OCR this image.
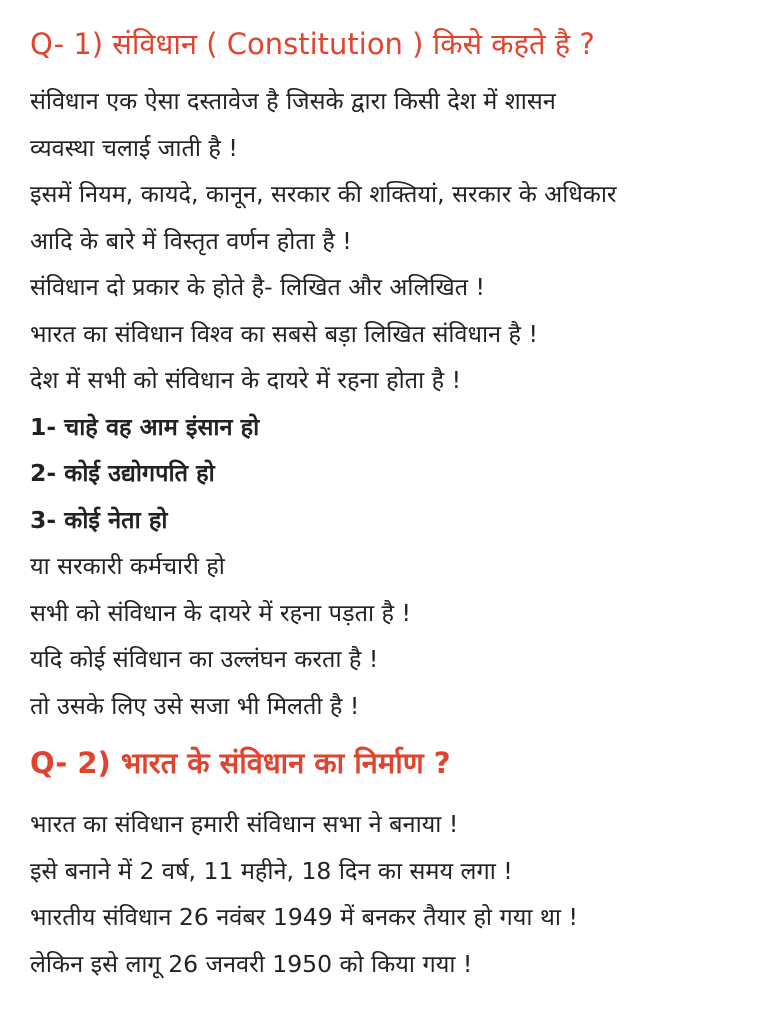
Q- 1) संविधान ( Constitution ) किसे कहते है ?

संविधान एक ऐसा दस्तावेज है जिसके द्वारा किसी देश में शासन

व्यवस्था चलाई जाती है !

इसमें नियम, कायदे, कानून, सरकार की शक्तियां, सरकार के अधिकार

आदि के बारे में विस्तृत वर्णन होता है !

संविधान दो प्रकार के होते है- लिखित और अलिखित !

भारत का संविधान विश्व का सबसे बड़ा लिखित संविधान है !

देश में सभी को संविधान के दायरे में रहना होता है !

1- चाहे वह आम इंसान हो

2- कोई उद्योगपति हो

3- कोई नेता हो

या सरकारी कर्मचारी हो

सभी को संविधान के दायरे में रहना पड़ता है !

यदि कोई संविधान का उल्लंघन करता है !

तो उसके लिए उसे सजा भी मिलती है !

Q- 2) भारत के संविधान का निर्माण ?

भारत का संविधान हमारी संविधान सभा ने बनाया !

इसे बनाने में 2 वर्ष, 11 महीने, 18 दिन का समय लगा !

भारतीय संविधान 26 नवंबर 1949 में बनकर तैयार हो गया था !

लेकिन इसे लागू 26 जनवरी 1950 को किया गया !
